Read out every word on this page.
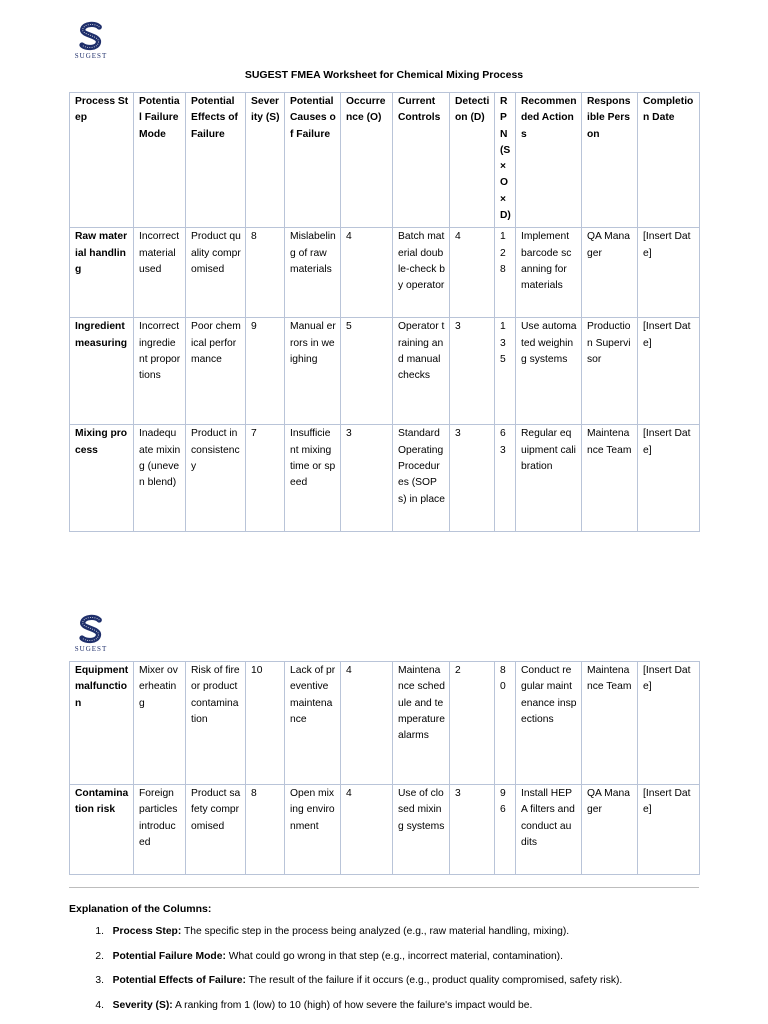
SUGEST
SUGEST FMEA Worksheet for Chemical Mixing Process
Process Step	Potential Failure Mode	Potential Effects of Failure	Severity (S)	Potential Causes of Failure	Occurrence (O)	Current Controls	Detection (D)	RPN (S × O × D)	Recommended Actions	Responsible Person	Completion Date
Raw material handling	Incorrect material used	Product quality compromised	8	Mislabeling of raw materials	4	Batch material double-check by operator	4	128	Implement barcode scanning for materials	QA Manager	[Insert Date]
Ingredient measuring	Incorrect ingredient proportions	Poor chemical performance	9	Manual errors in weighing	5	Operator training and manual checks	3	135	Use automated weighing systems	Production Supervisor	[Insert Date]
Mixing process	Inadequate mixing (uneven blend)	Product inconsistency	7	Insufficient mixing time or speed	3	Standard Operating Procedures (SOPs) in place	3	63	Regular equipment calibration	Maintenance Team	[Insert Date]
SUGEST
Equipment malfunction	Mixer overheating	Risk of fire or product contamination	10	Lack of preventive maintenance	4	Maintenance schedule and temperature alarms	2	80	Conduct regular maintenance inspections	Maintenance Team	[Insert Date]
Contamination risk	Foreign particles introduced	Product safety compromised	8	Open mixing environment	4	Use of closed mixing systems	3	96	Install HEPA filters and conduct audits	QA Manager	[Insert Date]
Explanation of the Columns:
1. Process Step: The specific step in the process being analyzed (e.g., raw material handling, mixing).
2. Potential Failure Mode: What could go wrong in that step (e.g., incorrect material, contamination).
3. Potential Effects of Failure: The result of the failure if it occurs (e.g., product quality compromised, safety risk).
4. Severity (S): A ranking from 1 (low) to 10 (high) of how severe the failure's impact would be.
